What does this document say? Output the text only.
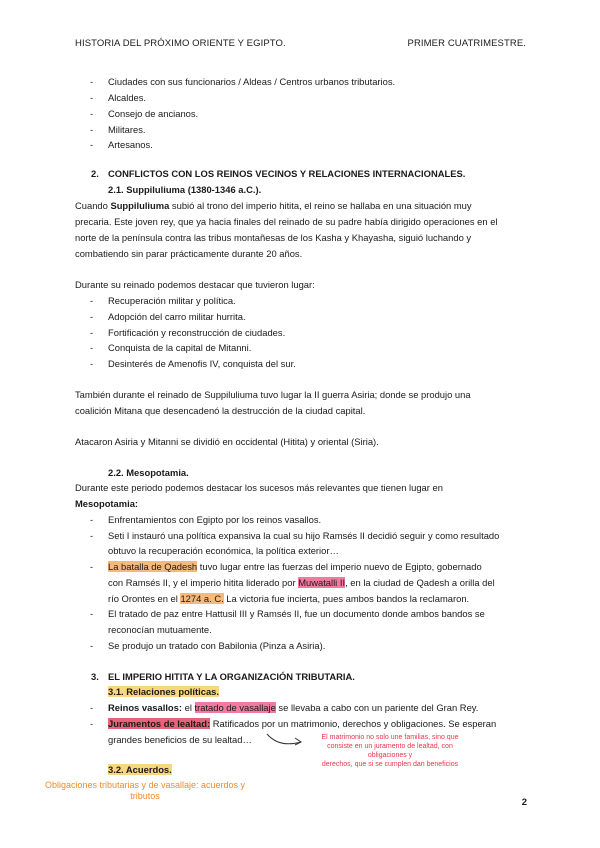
HISTORIA DEL PRÓXIMO ORIENTE Y EGIPTO.	PRIMER CUATRIMESTRE.
- Ciudades con sus funcionarios / Aldeas / Centros urbanos tributarios.
- Alcaldes.
- Consejo de ancianos.
- Militares.
- Artesanos.
2. CONFLICTOS CON LOS REINOS VECINOS Y RELACIONES INTERNACIONALES.
2.1. Suppiluliuma (1380-1346 a.C.).
Cuando Suppiluliuma subió al trono del imperio hitita, el reino se hallaba en una situación muy
precaria. Este joven rey, que ya hacia finales del reinado de su padre había dirigido operaciones en el
norte de la península contra las tribus montañesas de los Kasha y Khayasha, siguió luchando y
combatiendo sin parar prácticamente durante 20 años.
Durante su reinado podemos destacar que tuvieron lugar:
- Recuperación militar y política.
- Adopción del carro militar hurrita.
- Fortificación y reconstrucción de ciudades.
- Conquista de la capital de Mitanni.
- Desinterés de Amenofis IV, conquista del sur.
También durante el reinado de Suppiluliuma tuvo lugar la II guerra Asiria; donde se produjo una
coalición Mitana que desencadenó la destrucción de la ciudad capital.
Atacaron Asiria y Mitanni se dividió en occidental (Hitita) y oriental (Siria).
2.2. Mesopotamia.
Durante este periodo podemos destacar los sucesos más relevantes que tienen lugar en
Mesopotamia:
- Enfrentamientos con Egipto por los reinos vasallos.
- Seti I instauró una política expansiva la cual su hijo Ramsés II decidió seguir y como resultado
obtuvo la recuperación económica, la política exterior…
- La batalla de Qadesh tuvo lugar entre las fuerzas del imperio nuevo de Egipto, gobernado
con Ramsés II, y el imperio hitita liderado por Muwatalli II, en la ciudad de Qadesh a orilla del
río Orontes en el 1274 a. C. La victoria fue incierta, pues ambos bandos la reclamaron.
- El tratado de paz entre Hattusil III y Ramsés II, fue un documento donde ambos bandos se
reconocían mutuamente.
- Se produjo un tratado con Babilonia (Pinza a Asiria).
3. EL IMPERIO HITITA Y LA ORGANIZACIÓN TRIBUTARIA.
3.1. Relaciones políticas.
- Reinos vasallos: el tratado de vasallaje se llevaba a cabo con un pariente del Gran Rey.
- Juramentos de lealtad: Ratificados por un matrimonio, derechos y obligaciones. Se esperan
grandes beneficios de su lealtad…
3.2. Acuerdos.
El matrimonio no solo une familias, sino que
consiste en un juramento de lealtad, con
obligaciones y
derechos, que si se cumplen dan beneficios
Obligaciones tributarias y de vasallaje: acuerdos y
tributos
2
